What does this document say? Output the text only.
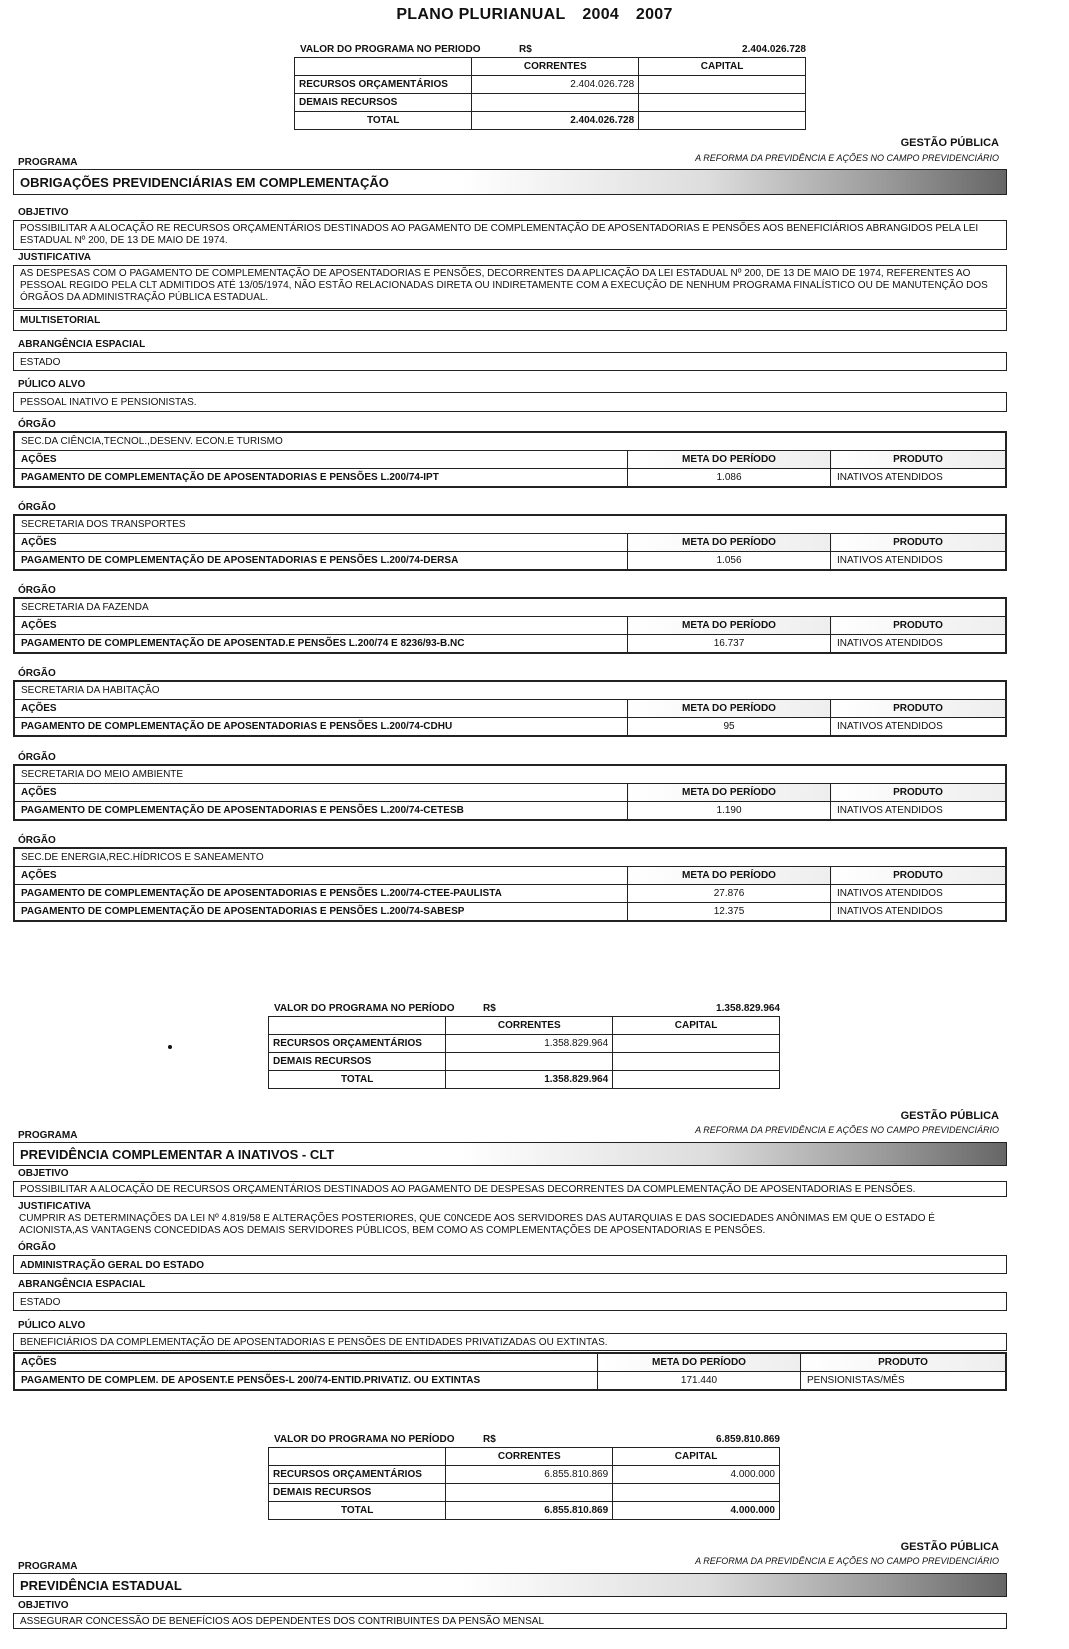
PLANO PLURIANUAL 2004 2007
VALOR DO PROGRAMA NO PERIODO	R$	2.404.026.728
	CORRENTES	CAPITAL
RECURSOS ORÇAMENTÁRIOS	2.404.026.728	
DEMAIS RECURSOS		
TOTAL	2.404.026.728	
GESTÃO PÚBLICA
A REFORMA DA PREVIDÊNCIA E AÇÕES NO CAMPO PREVIDENCIÁRIO
PROGRAMA
OBRIGAÇÕES PREVIDENCIÁRIAS EM COMPLEMENTAÇÃO
OBJETIVO
POSSIBILITAR A ALOCAÇÃO RE RECURSOS ORÇAMENTÁRIOS DESTINADOS AO PAGAMENTO DE COMPLEMENTAÇÃO DE APOSENTADORIAS E PENSÕES AOS BENEFICIÁRIOS ABRANGIDOS PELA LEI ESTADUAL Nº 200, DE 13 DE MAIO DE 1974.
JUSTIFICATIVA
AS DESPESAS COM O PAGAMENTO DE COMPLEMENTAÇÃO DE APOSENTADORIAS E PENSÕES, DECORRENTES DA APLICAÇÃO DA LEI ESTADUAL Nº 200, DE 13 DE MAIO DE 1974, REFERENTES AO PESSOAL REGIDO PELA CLT ADMITIDOS ATÉ 13/05/1974, NÃO ESTÃO RELACIONADAS DIRETA OU INDIRETAMENTE COM A EXECUÇÃO DE NENHUM PROGRAMA FINALÍSTICO OU DE MANUTENÇÃO DOS ÓRGÃOS DA ADMINISTRAÇÃO PÚBLICA ESTADUAL.
MULTISETORIAL
ABRANGÊNCIA ESPACIAL
ESTADO
PÚLICO ALVO
PESSOAL INATIVO E PENSIONISTAS.
ÓRGÃO
SEC.DA CIÊNCIA,TECNOL.,DESENV. ECON.E TURISMO		
AÇÕES	META DO PERÍODO	PRODUTO
PAGAMENTO DE COMPLEMENTAÇÃO DE APOSENTADORIAS E PENSÕES L.200/74-IPT	1.086	INATIVOS ATENDIDOS
ÓRGÃO
SECRETARIA DOS TRANSPORTES		
AÇÕES	META DO PERÍODO	PRODUTO
PAGAMENTO DE COMPLEMENTAÇÃO DE APOSENTADORIAS E PENSÕES L.200/74-DERSA	1.056	INATIVOS ATENDIDOS
ÓRGÃO
SECRETARIA DA FAZENDA		
AÇÕES	META DO PERÍODO	PRODUTO
PAGAMENTO DE COMPLEMENTAÇÃO DE APOSENTAD.E PENSÕES L.200/74 E 8236/93-B.NC	16.737	INATIVOS ATENDIDOS
ÓRGÃO
SECRETARIA DA HABITAÇÃO		
AÇÕES	META DO PERÍODO	PRODUTO
PAGAMENTO DE COMPLEMENTAÇÃO DE APOSENTADORIAS E PENSÕES L.200/74-CDHU	95	INATIVOS ATENDIDOS
ÓRGÃO
SECRETARIA DO MEIO AMBIENTE		
AÇÕES	META DO PERÍODO	PRODUTO
PAGAMENTO DE COMPLEMENTAÇÃO DE APOSENTADORIAS E PENSÕES L.200/74-CETESB	1.190	INATIVOS ATENDIDOS
ÓRGÃO
SEC.DE ENERGIA,REC.HÍDRICOS E SANEAMENTO		
AÇÕES	META DO PERÍODO	PRODUTO
PAGAMENTO DE COMPLEMENTAÇÃO DE APOSENTADORIAS E PENSÕES L.200/74-CTEE-PAULISTA	27.876	INATIVOS ATENDIDOS
PAGAMENTO DE COMPLEMENTAÇÃO DE APOSENTADORIAS E PENSÕES L.200/74-SABESP	12.375	INATIVOS ATENDIDOS
VALOR DO PROGRAMA NO PERÍODO	R$	1.358.829.964
	CORRENTES	CAPITAL
RECURSOS ORÇAMENTÁRIOS	1.358.829.964	
DEMAIS RECURSOS		
TOTAL	1.358.829.964	
GESTÃO PÚBLICA
A REFORMA DA PREVIDÊNCIA E AÇÕES NO CAMPO PREVIDENCIÁRIO
PROGRAMA
PREVIDÊNCIA COMPLEMENTAR A INATIVOS - CLT
OBJETIVO
POSSIBILITAR A ALOCAÇÃO DE RECURSOS ORÇAMENTÁRIOS DESTINADOS AO PAGAMENTO DE DESPESAS DECORRENTES DA COMPLEMENTAÇÃO DE APOSENTADORIAS E PENSÕES.
JUSTIFICATIVA
CUMPRIR AS DETERMINAÇÕES DA LEI Nº 4.819/58 E ALTERAÇÕES POSTERIORES, QUE C0NCEDE AOS SERVIDORES DAS AUTARQUIAS E DAS SOCIEDADES ANÔNIMAS EM QUE O ESTADO É ACIONISTA,AS VANTAGENS CONCEDIDAS AOS DEMAIS SERVIDORES PÚBLICOS, BEM COMO AS COMPLEMENTAÇÕES DE APOSENTADORIAS E PENSÕES.
ÓRGÃO
ADMINISTRAÇÃO GERAL DO ESTADO
ABRANGÊNCIA ESPACIAL
ESTADO
PÚLICO ALVO
BENEFICIÁRIOS DA COMPLEMENTAÇÃO DE APOSENTADORIAS E PENSÕES DE ENTIDADES PRIVATIZADAS OU EXTINTAS.
AÇÕES	META DO PERÍODO	PRODUTO
PAGAMENTO DE COMPLEM. DE APOSENT.E PENSÕES-L 200/74-ENTID.PRIVATIZ. OU EXTINTAS	171.440	PENSIONISTAS/MÊS
VALOR DO PROGRAMA NO PERÍODO	R$	6.859.810.869
	CORRENTES	CAPITAL
RECURSOS ORÇAMENTÁRIOS	6.855.810.869	4.000.000
DEMAIS RECURSOS		
TOTAL	6.855.810.869	4.000.000
GESTÃO PÚBLICA
A REFORMA DA PREVIDÊNCIA E AÇÕES NO CAMPO PREVIDENCIÁRIO
PROGRAMA
PREVIDÊNCIA ESTADUAL
OBJETIVO
ASSEGURAR CONCESSÃO DE BENEFÍCIOS AOS DEPENDENTES DOS CONTRIBUINTES DA PENSÃO MENSAL
